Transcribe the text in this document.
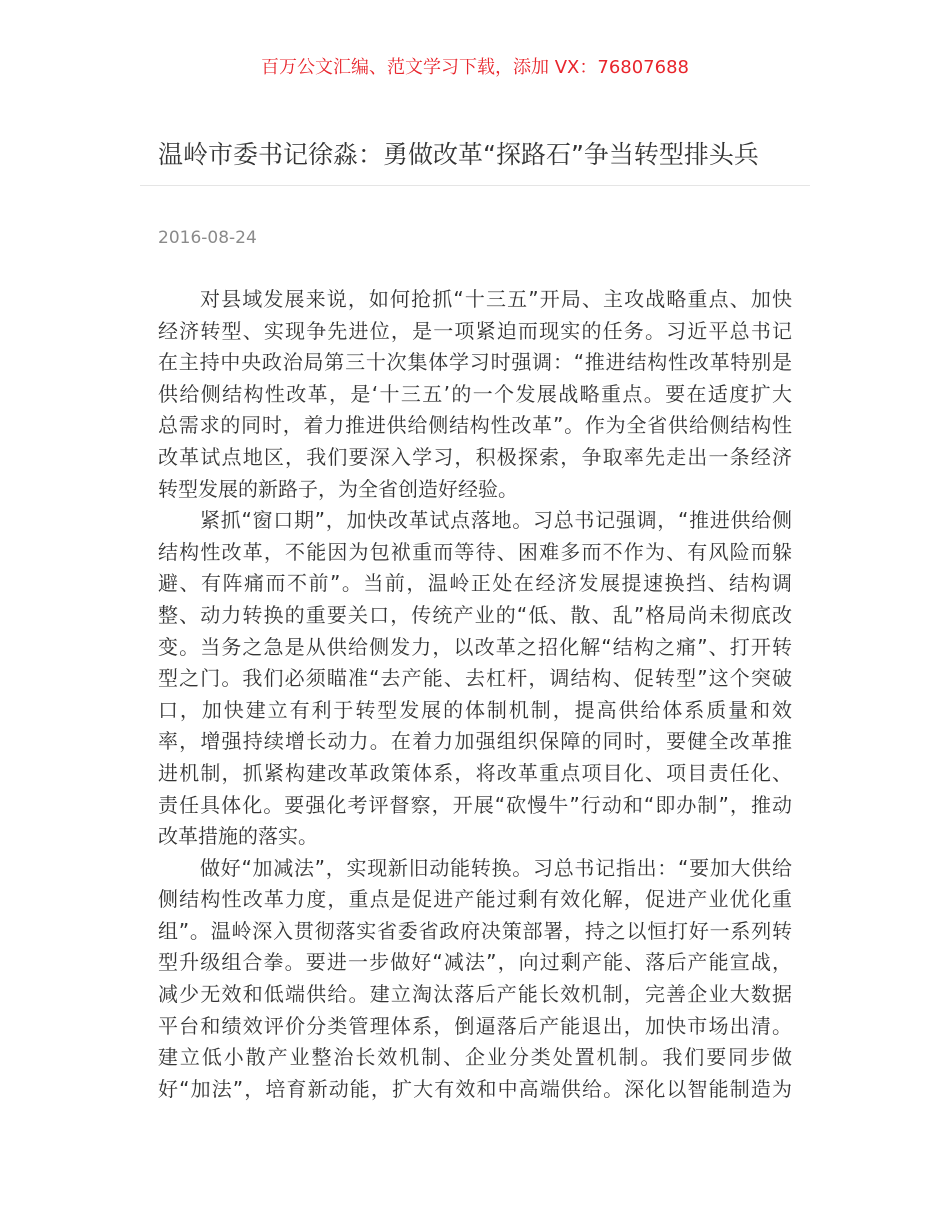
百万公文汇编、范文学习下载，添加 VX：76807688
温岭市委书记徐淼：勇做改革“探路石”争当转型排头兵
2016-08-24
对县域发展来说，如何抢抓“十三五”开局、主攻战略重点、加快
经济转型、实现争先进位，是一项紧迫而现实的任务。习近平总书记
在主持中央政治局第三十次集体学习时强调：“推进结构性改革特别是
供给侧结构性改革，是‘十三五’的一个发展战略重点。要在适度扩大
总需求的同时，着力推进供给侧结构性改革”。作为全省供给侧结构性
改革试点地区，我们要深入学习，积极探索，争取率先走出一条经济
转型发展的新路子，为全省创造好经验。
紧抓“窗口期”，加快改革试点落地。习总书记强调，“推进供给侧
结构性改革，不能因为包袱重而等待、困难多而不作为、有风险而躲
避、有阵痛而不前”。当前，温岭正处在经济发展提速换挡、结构调
整、动力转换的重要关口，传统产业的“低、散、乱”格局尚未彻底改
变。当务之急是从供给侧发力，以改革之招化解“结构之痛”、打开转
型之门。我们必须瞄准“去产能、去杠杆，调结构、促转型”这个突破
口，加快建立有利于转型发展的体制机制，提高供给体系质量和效
率，增强持续增长动力。在着力加强组织保障的同时，要健全改革推
进机制，抓紧构建改革政策体系，将改革重点项目化、项目责任化、
责任具体化。要强化考评督察，开展“砍慢牛”行动和“即办制”，推动
改革措施的落实。
做好“加减法”，实现新旧动能转换。习总书记指出：“要加大供给
侧结构性改革力度，重点是促进产能过剩有效化解，促进产业优化重
组”。温岭深入贯彻落实省委省政府决策部署，持之以恒打好一系列转
型升级组合拳。要进一步做好“减法”，向过剩产能、落后产能宣战，
减少无效和低端供给。建立淘汰落后产能长效机制，完善企业大数据
平台和绩效评价分类管理体系，倒逼落后产能退出，加快市场出清。
建立低小散产业整治长效机制、企业分类处置机制。我们要同步做
好“加法”，培育新动能，扩大有效和中高端供给。深化以智能制造为
